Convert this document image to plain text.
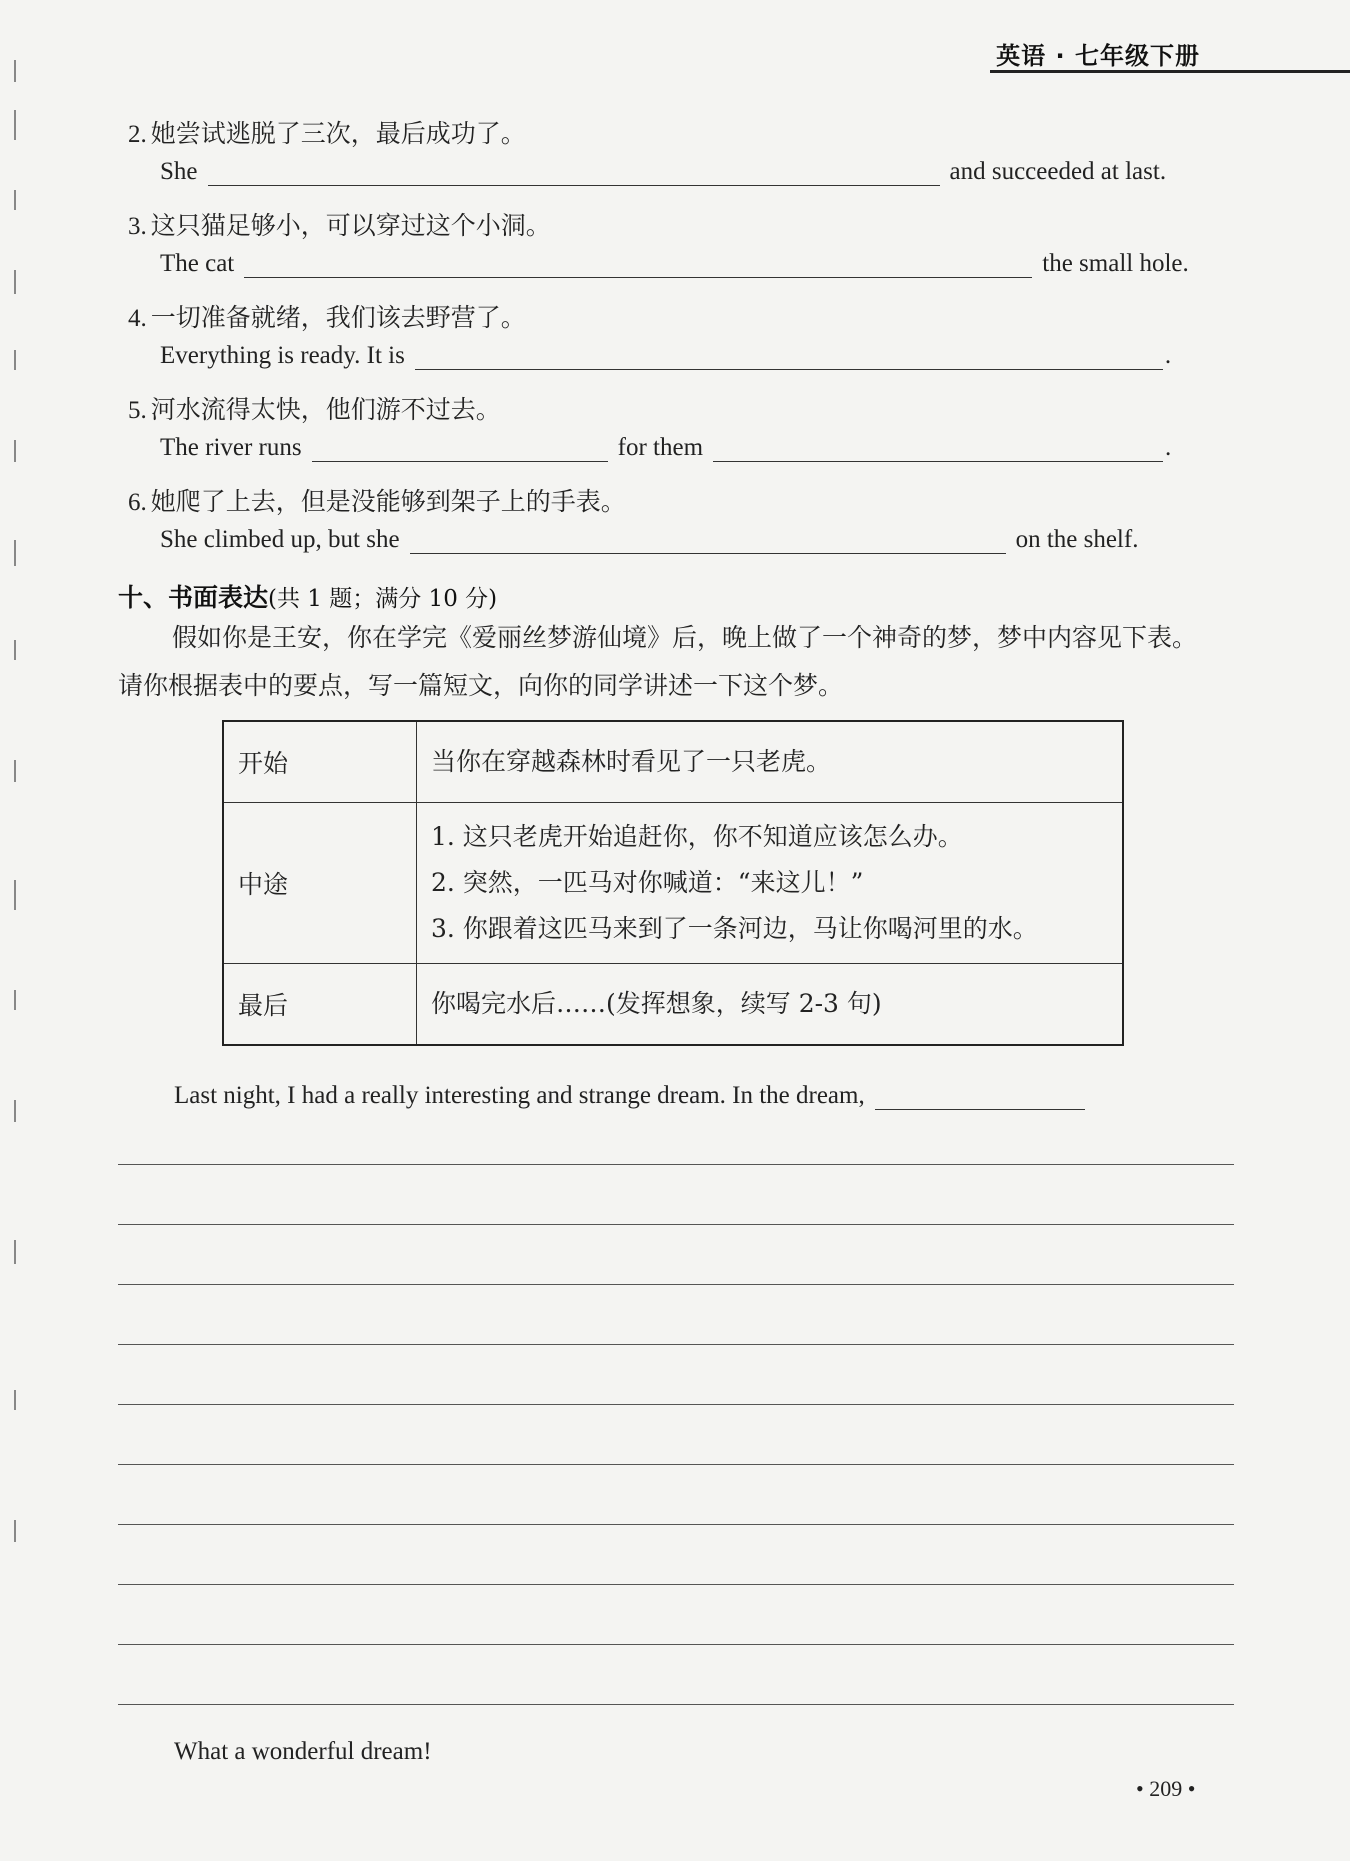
英语 · 七年级下册
2. 她尝试逃脱了三次，最后成功了。
She	and succeeded at last.
3. 这只猫足够小，可以穿过这个小洞。
The cat	the small hole.
4. 一切准备就绪，我们该去野营了。
Everything is ready. It is	.
5. 河水流得太快，他们游不过去。
The river runs	for them	.
6. 她爬了上去，但是没能够到架子上的手表。
She climbed up, but she	on the shelf.
十、书面表达(共 1 题；满分 10 分)
假如你是王安，你在学完《爱丽丝梦游仙境》后，晚上做了一个神奇的梦，梦中内容见下表。
请你根据表中的要点，写一篇短文，向你的同学讲述一下这个梦。
开始	当你在穿越森林时看见了一只老虎。

中途	1. 这只老虎开始追赶你，你不知道应该怎么办。
2. 突然，一匹马对你喊道：“来这儿！”
3. 你跟着这匹马来到了一条河边，马让你喝河里的水。

最后	你喝完水后……(发挥想象，续写 2-3 句)
Last night, I had a really interesting and strange dream. In the dream,
What a wonderful dream!
• 209 •
